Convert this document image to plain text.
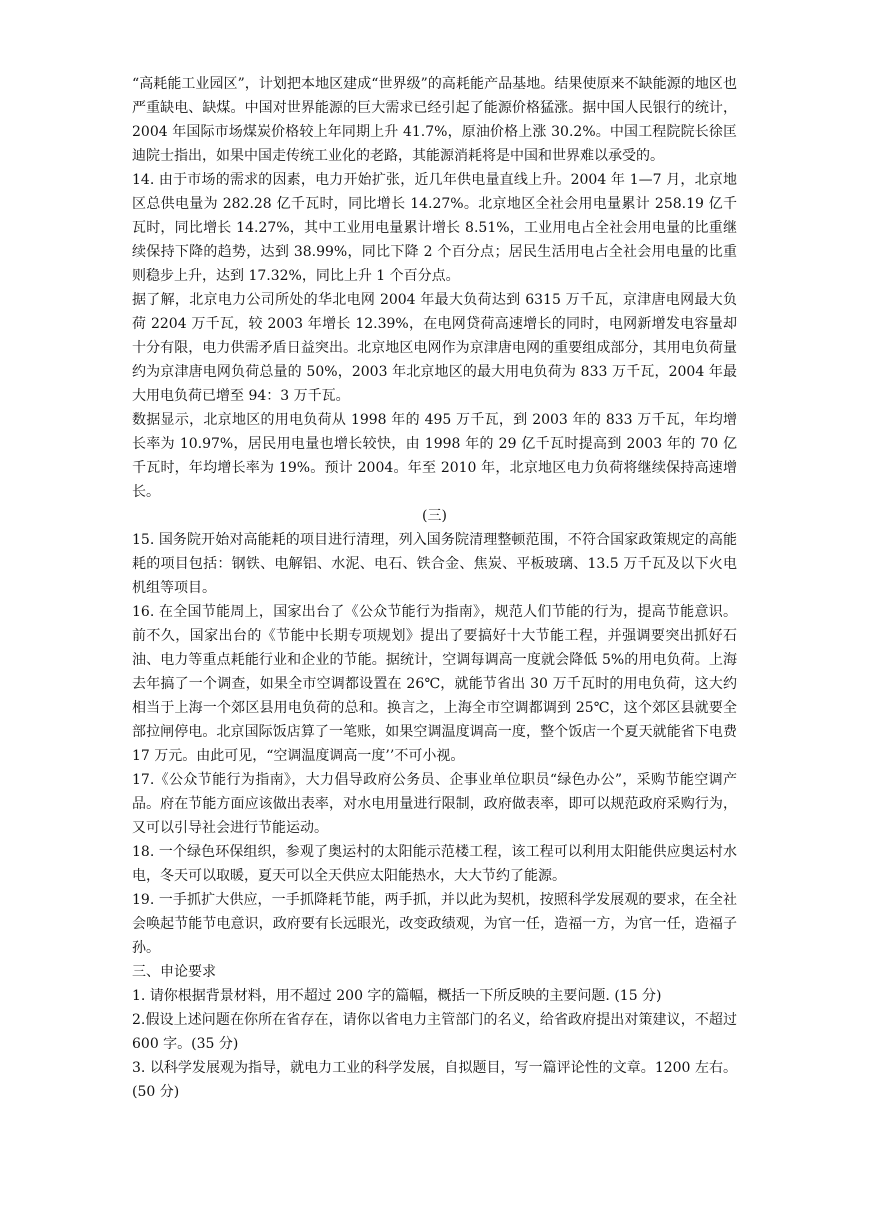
“高耗能工业园区”，计划把本地区建成“世界级”的高耗能产品基地。结果使原来不缺能源的地区也严重缺电、缺煤。中国对世界能源的巨大需求已经引起了能源价格猛涨。据中国人民银行的统计，2004 年国际市场煤炭价格较上年同期上升 41.7%，原油价格上涨 30.2%。中国工程院院长徐匡迪院士指出，如果中国走传统工业化的老路，其能源消耗将是中国和世界难以承受的。

14. 由于市场的需求的因素，电力开始扩张，近几年供电量直线上升。2004 年 1—7 月，北京地区总供电量为 282.28 亿千瓦时，同比增长 14.27%。北京地区全社会用电量累计 258.19 亿千瓦时，同比增长 14.27%，其中工业用电量累计增长 8.51%，工业用电占全社会用电量的比重继续保持下降的趋势，达到 38.99%，同比下降 2 个百分点；居民生活用电占全社会用电量的比重则稳步上升，达到 17.32%，同比上升 1 个百分点。

据了解，北京电力公司所处的华北电网 2004 年最大负荷达到 6315 万千瓦，京津唐电网最大负荷 2204 万千瓦，较 2003 年增长 12.39%，在电网贷荷高速增长的同时，电网新增发电容量却十分有限，电力供需矛盾日益突出。北京地区电网作为京津唐电网的重要组成部分，其用电负荷量约为京津唐电网负荷总量的 50%，2003 年北京地区的最大用电负荷为 833 万千瓦，2004 年最大用电负荷已增至 94：3 万千瓦。

数据显示，北京地区的用电负荷从 1998 年的 495 万千瓦，到 2003 年的 833 万千瓦，年均增长率为 10.97%，居民用电量也增长较快，由 1998 年的 29 亿千瓦时提高到 2003 年的 70 亿千瓦时，年均增长率为 19%。预计 2004。年至 2010 年，北京地区电力负荷将继续保持高速增长。

(三)

15. 国务院开始对高能耗的项目进行清理，列入国务院清理整顿范围，不符合国家政策规定的高能耗的项目包括：钢铁、电解铝、水泥、电石、铁合金、焦炭、平板玻璃、13.5 万千瓦及以下火电机组等项目。

16. 在全国节能周上，国家出台了《公众节能行为指南》，规范人们节能的行为，提高节能意识。前不久，国家出台的《节能中长期专项规划》提出了要搞好十大节能工程，并强调要突出抓好石油、电力等重点耗能行业和企业的节能。据统计，空调每调高一度就会降低 5%的用电负荷。上海去年搞了一个调查，如果全市空调都设置在 26℃，就能节省出 30 万千瓦时的用电负荷，这大约相当于上海一个郊区县用电负荷的总和。换言之，上海全市空调都调到 25℃，这个郊区县就要全部拉闸停电。北京国际饭店算了一笔账，如果空调温度调高一度，整个饭店一个夏天就能省下电费 17 万元。由此可见，“空调温度调高一度’’不可小视。

17.《公众节能行为指南》，大力倡导政府公务员、企事业单位职员“绿色办公”，采购节能空调产品。府在节能方面应该做出表率，对水电用量进行限制，政府做表率，即可以规范政府采购行为，又可以引导社会进行节能运动。

18. 一个绿色环保组织，参观了奥运村的太阳能示范楼工程，该工程可以利用太阳能供应奥运村水电，冬天可以取暖，夏天可以全天供应太阳能热水，大大节约了能源。

19. 一手抓扩大供应，一手抓降耗节能，两手抓，并以此为契机，按照科学发展观的要求，在全社会唤起节能节电意识，政府要有长远眼光，改变政绩观，为官一任，造福一方，为官一任，造福子孙。

三、申论要求

1. 请你根据背景材料，用不超过 200 字的篇幅，概括一下所反映的主要问题. (15 分)

2.假设上述问题在你所在省存在，请你以省电力主管部门的名义，给省政府提出对策建议，不超过 600 字。(35 分)

3. 以科学发展观为指导，就电力工业的科学发展，自拟题目，写一篇评论性的文章。1200 左右。(50 分)
